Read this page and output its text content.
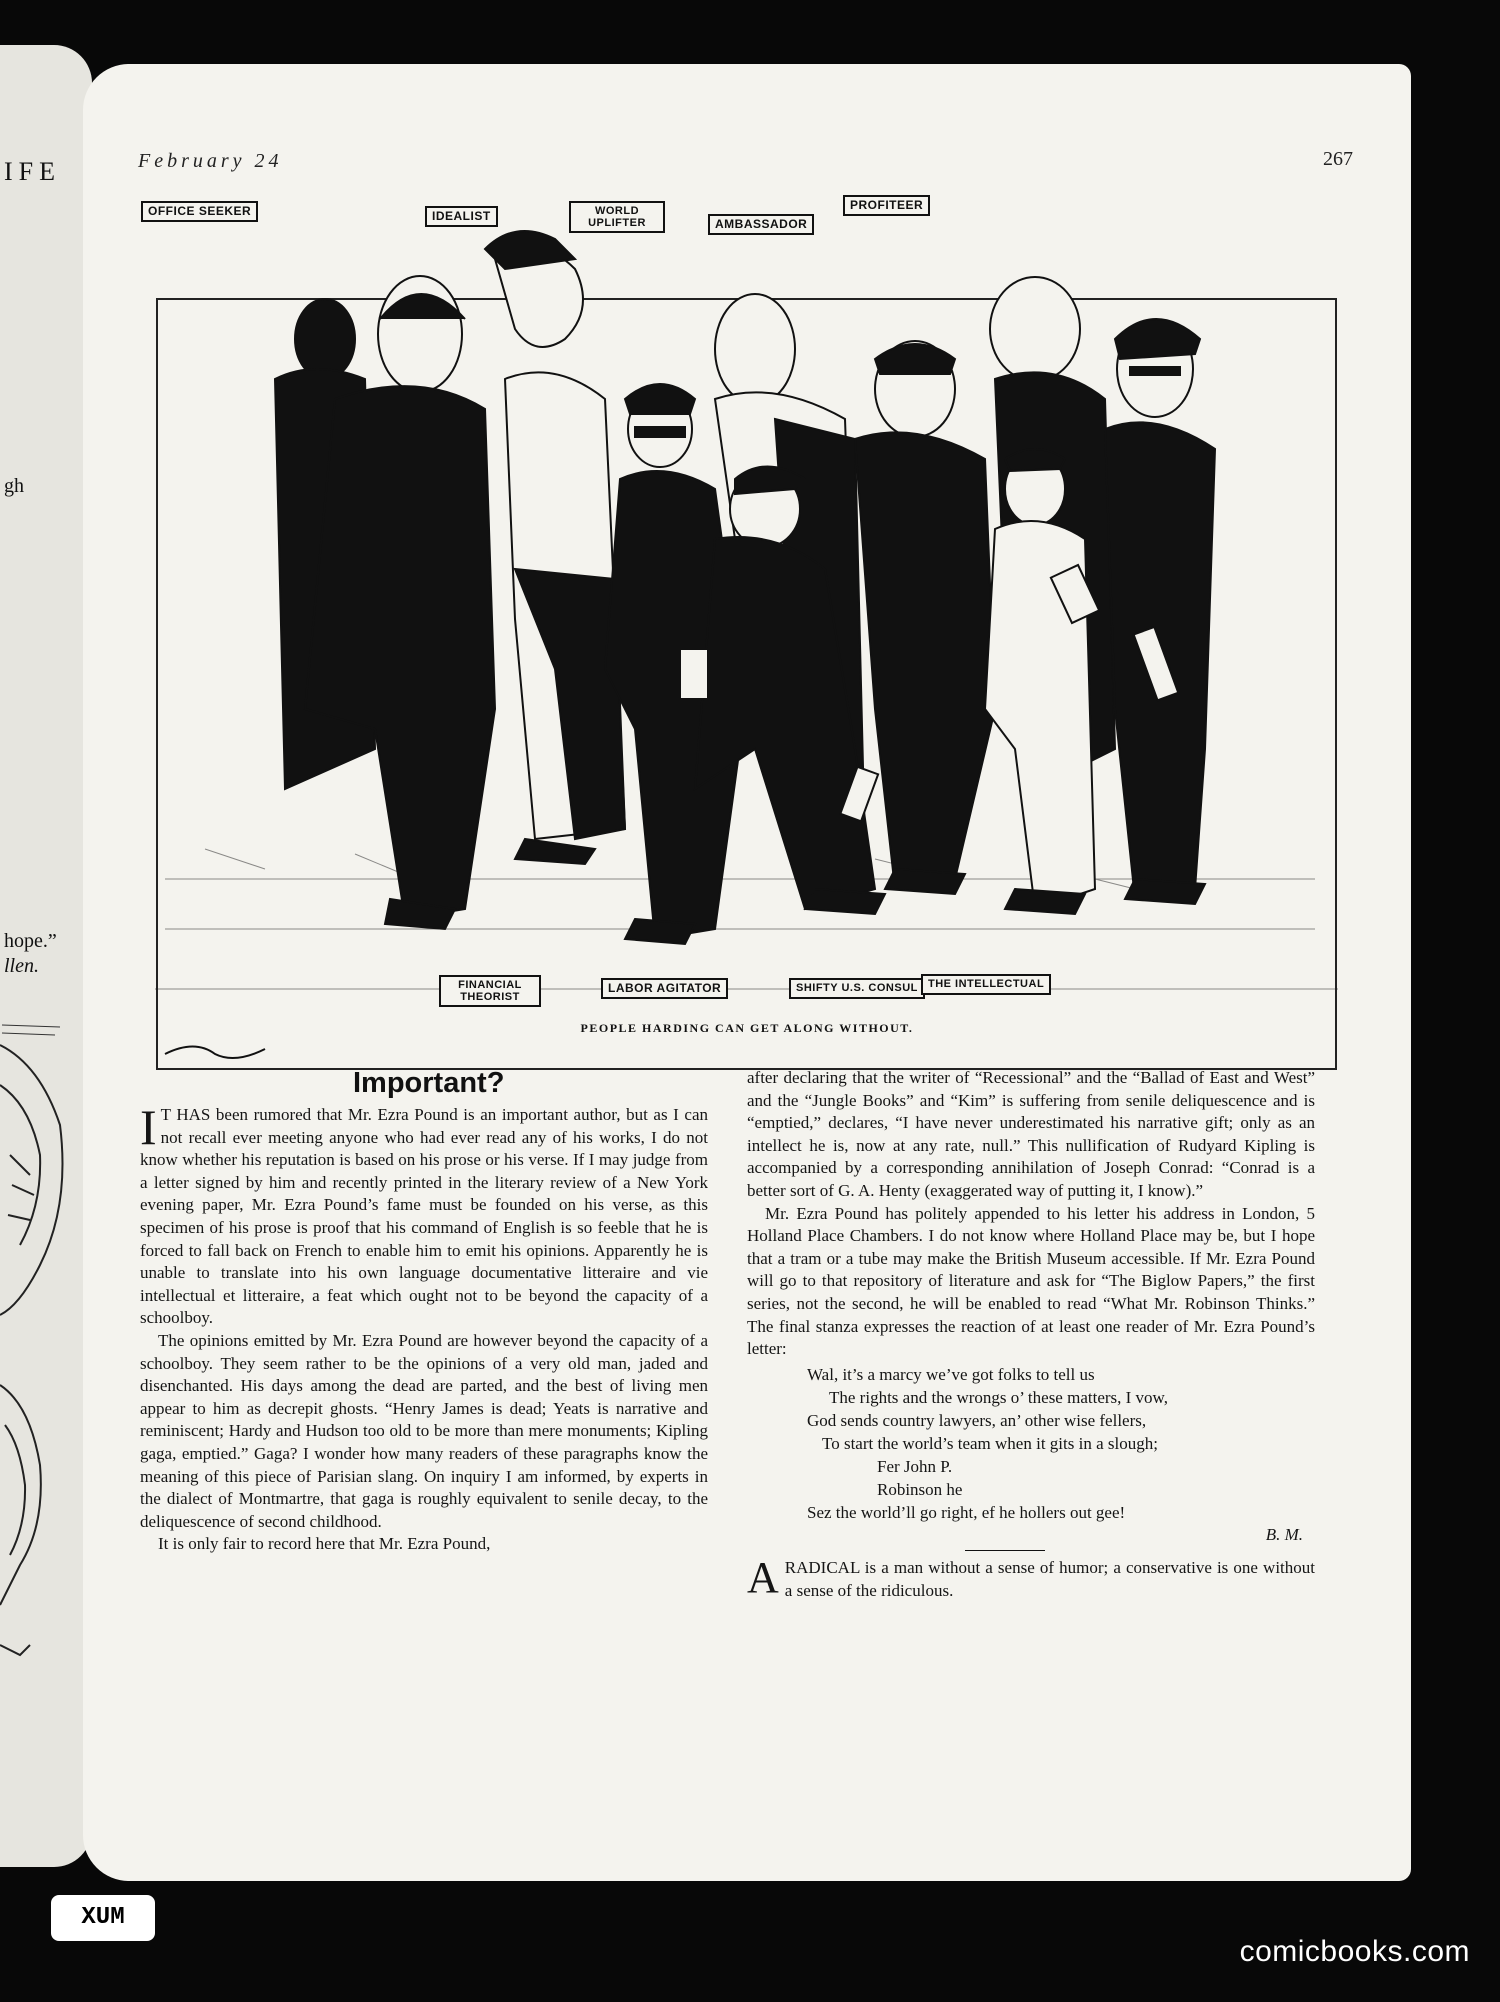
IFE
gh
hope.”
llen.
February 24	267
OFFICE SEEKER	IDEALIST	WORLD UPLIFTER	AMBASSADOR
PROFITEER
FINANCIAL THEORIST
LABOR AGITATOR	SHIFTY U.S. CONSUL THE INTELLECTUAL
PEOPLE HARDING CAN GET ALONG WITHOUT.
Important?

I T HAS been rumored that Mr. Ezra Pound is an important author, but as I can not recall ever meeting anyone who had ever read any of his works, I do not know whether his reputation is based on his prose or his verse. If I may judge from a letter signed by him and recently printed in the literary review of a New York evening paper, Mr. Ezra Pound’s fame must be founded on his verse, as this specimen of his prose is proof that his command of English is so feeble that he is forced to fall back on French to enable him to emit his opinions. Apparently he is unable to translate into his own language documentative litteraire and vie intellectual et litteraire, a feat which ought not to be beyond the capacity of a schoolboy.

The opinions emitted by Mr. Ezra Pound are however beyond the capacity of a schoolboy. They seem rather to be the opinions of a very old man, jaded and disenchanted. His days among the dead are parted, and the best of living men appear to him as decrepit ghosts. “Henry James is dead; Yeats is narrative and reminiscent; Hardy and Hudson too old to be more than mere monuments; Kipling gaga, emptied.” Gaga? I wonder how many readers of these paragraphs know the meaning of this piece of Parisian slang. On inquiry I am informed, by experts in the dialect of Montmartre, that gaga is roughly equivalent to senile decay, to the deliquescence of second childhood.

It is only fair to record here that Mr. Ezra Pound,

after declaring that the writer of “Recessional” and the “Ballad of East and West” and the “Jungle Books” and “Kim” is suffering from senile deliquescence and is “emptied,” declares, “I have never underestimated his narrative gift; only as an intellect he is, now at any rate, null.” This nullification of Rudyard Kipling is accompanied by a corresponding annihilation of Joseph Conrad: “Conrad is a better sort of G. A. Henty (exaggerated way of putting it, I know).”

Mr. Ezra Pound has politely appended to his letter his address in London, 5 Holland Place Chambers. I do not know where Holland Place may be, but I hope that a tram or a tube may make the British Museum accessible. If Mr. Ezra Pound will go to that repository of literature and ask for “The Biglow Papers,” the first series, not the second, he will be enabled to read “What Mr. Robinson Thinks.” The final stanza expresses the reaction of at least one reader of Mr. Ezra Pound’s letter:

Wal, it’s a marcy we’ve got folks to tell us
The rights and the wrongs o’ these matters, I vow,
God sends country lawyers, an’ other wise fellers,
To start the world’s team when it gits in a slough;
Fer John P.
Robinson he
Sez the world’ll go right, ef he hollers out gee!
B. M.

ARADICAL is a man without a sense of humor; a conservative is one without a sense of the ridiculous.

XUM
comicbooks.com
